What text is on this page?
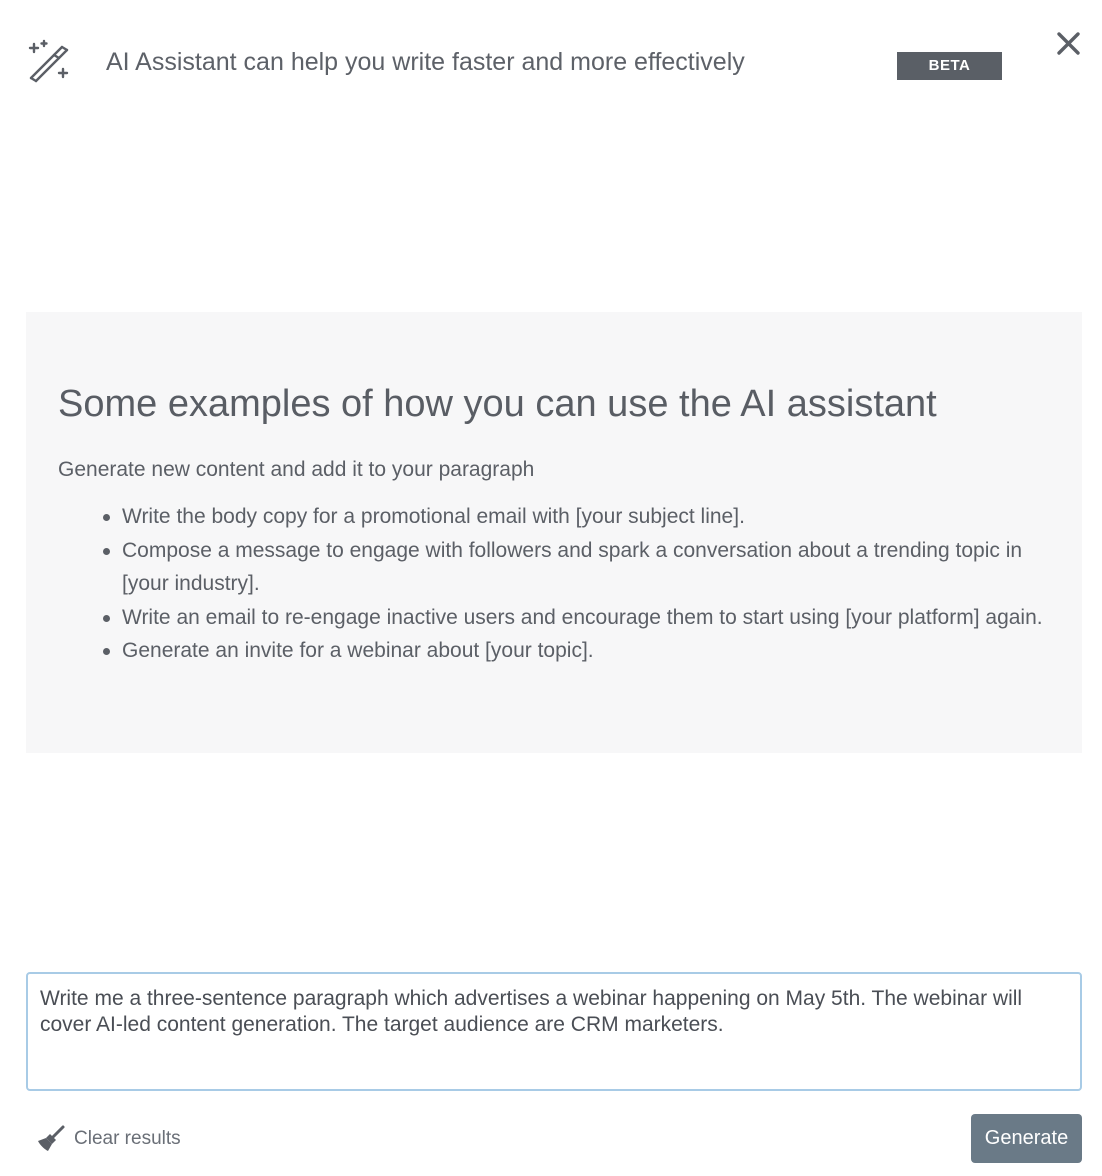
AI Assistant can help you write faster and more effectively	BETA
Some examples of how you can use the AI assistant
Generate new content and add it to your paragraph
Write the body copy for a promotional email with [your subject line].
Compose a message to engage with followers and spark a conversation about a trending topic in [your industry].
Write an email to re-engage inactive users and encourage them to start using [your platform] again.
Generate an invite for a webinar about [your topic].
Write me a three-sentence paragraph which advertises a webinar happening on May 5th. The webinar will cover AI-led content generation. The target audience are CRM marketers.
Clear results	Generate
